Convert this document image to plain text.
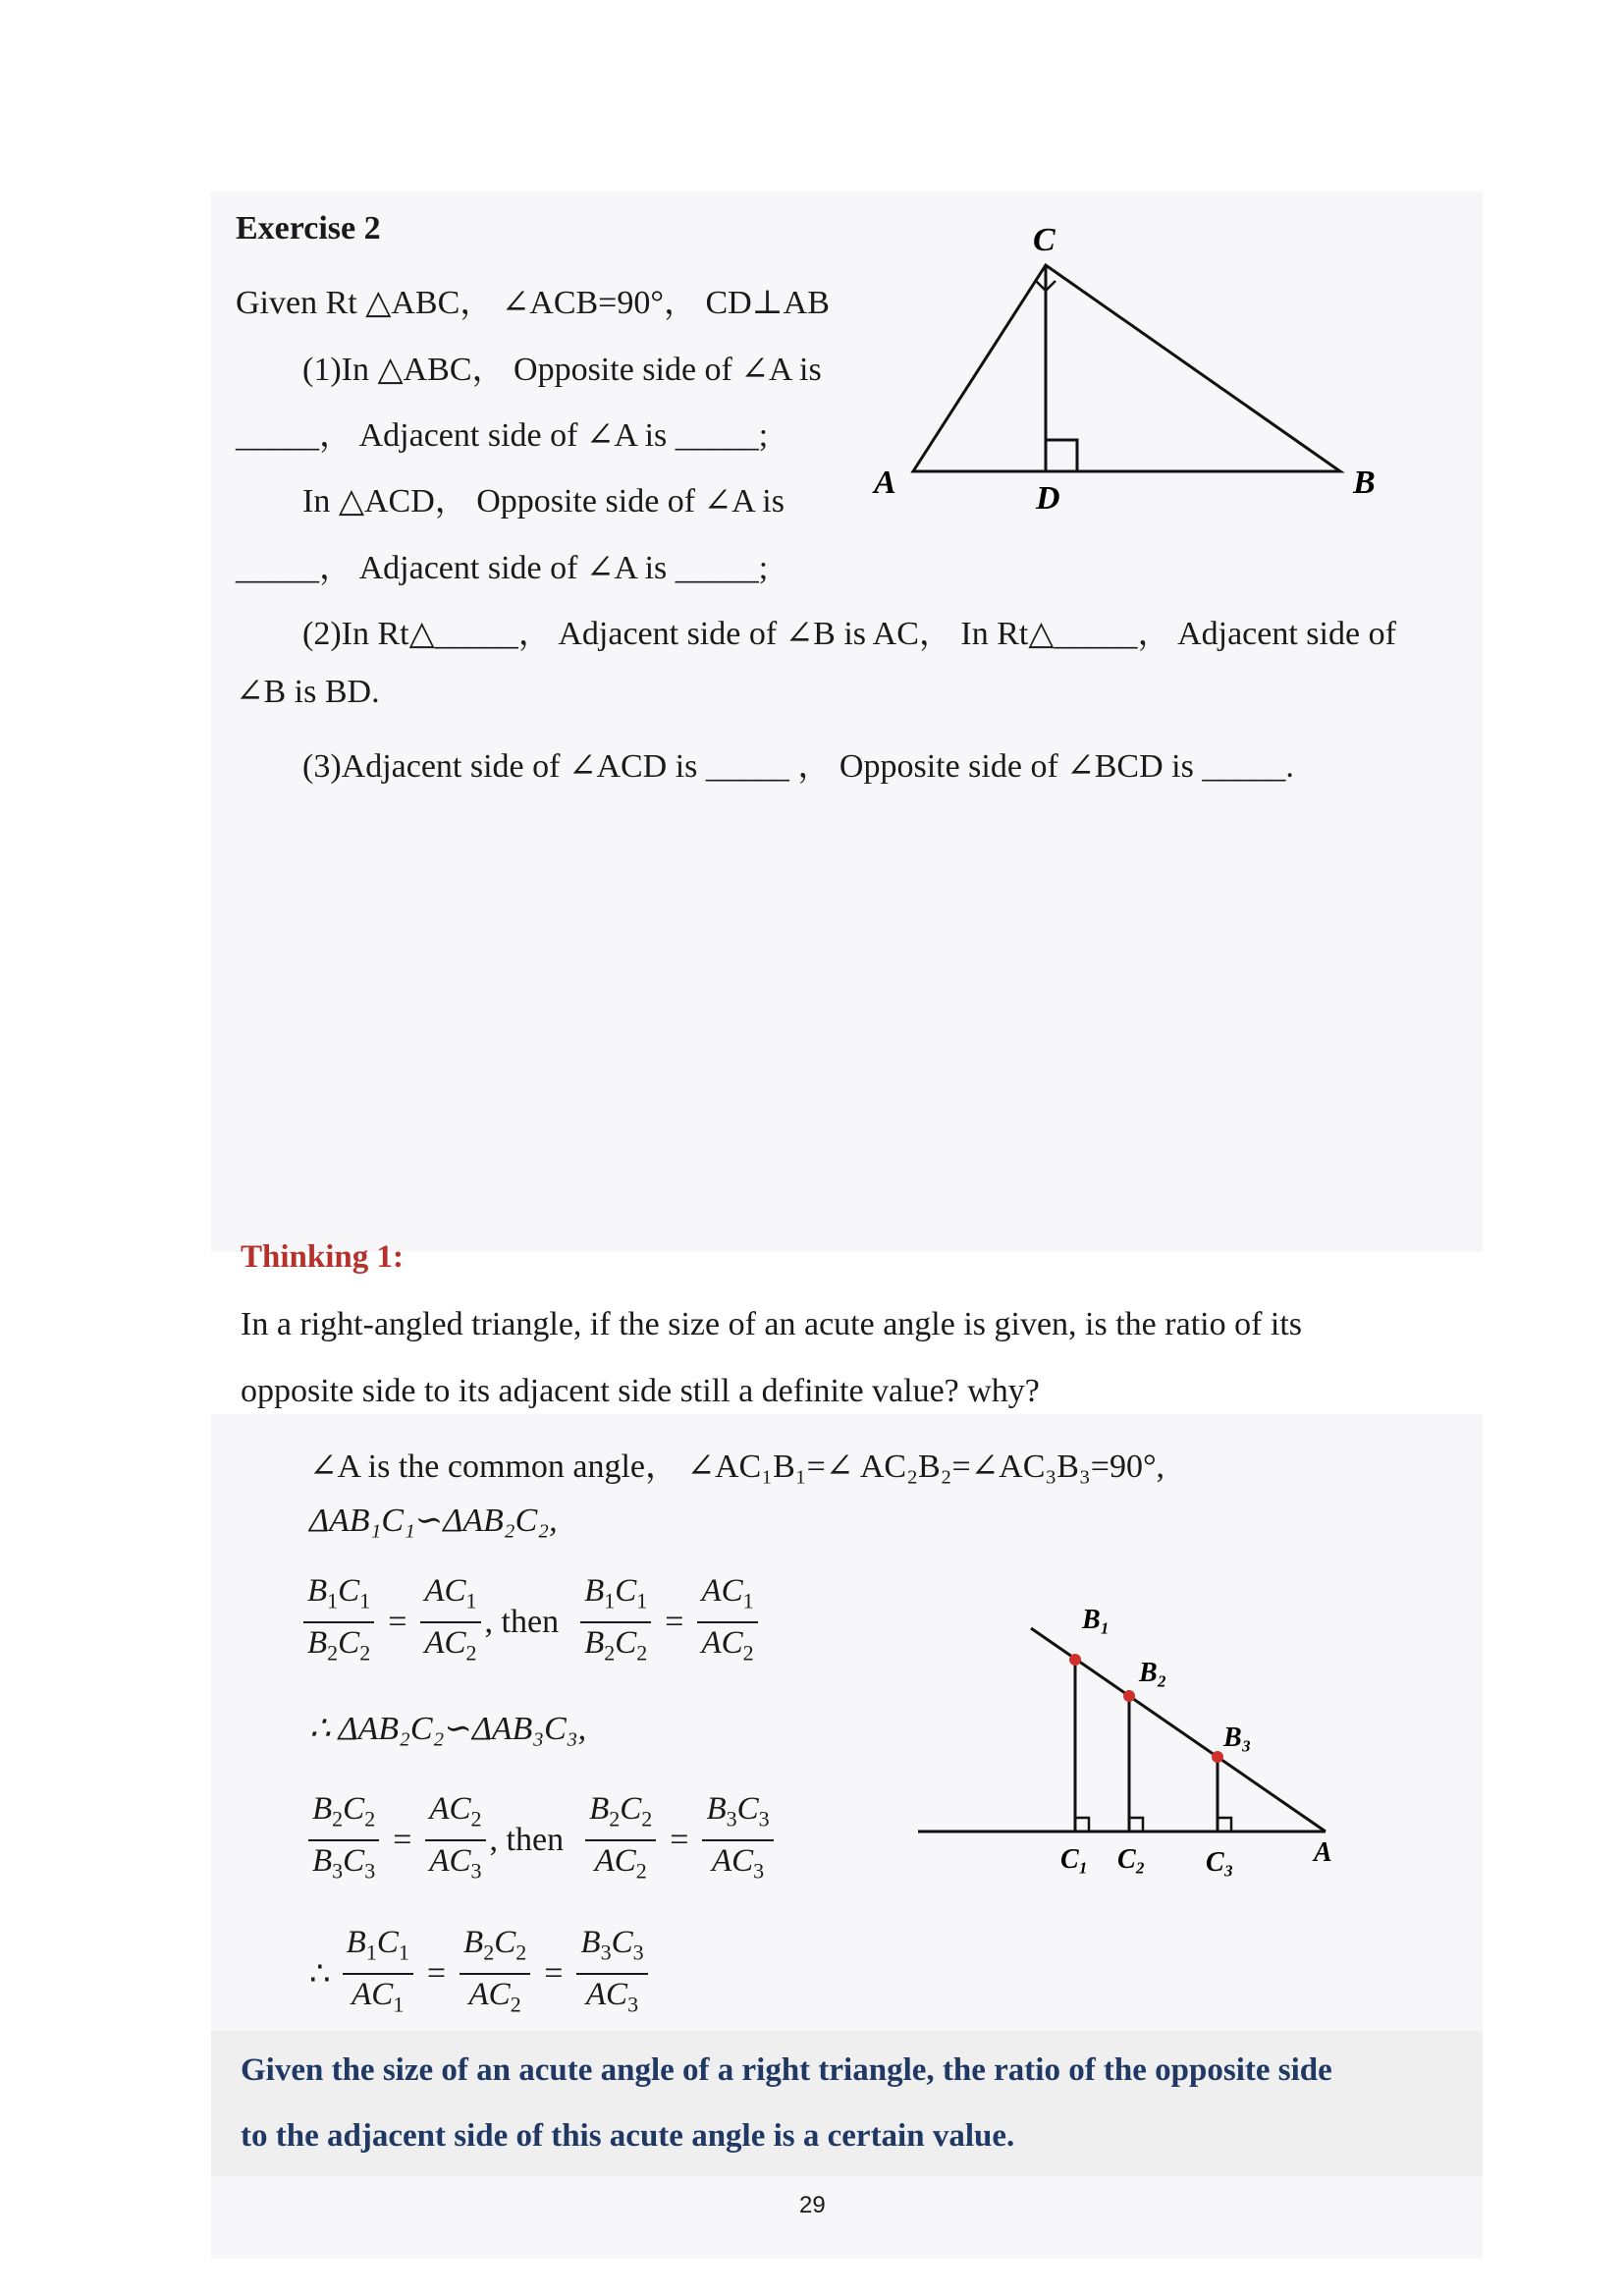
Exercise 2
Given Rt △ABC， ∠ACB=90°， CD⊥AB
(1)In △ABC， Opposite side of ∠A is
_____， Adjacent side of ∠A is _____;
In △ACD， Opposite side of ∠A is
_____， Adjacent side of ∠A is _____;
(2)In Rt△_____， Adjacent side of ∠B is AC， In Rt△_____， Adjacent side of
∠B is BD.
(3)Adjacent side of ∠ACD is _____ ， Opposite side of ∠BCD is _____.
C
A	D	B
Thinking 1:
In a right-angled triangle, if the size of an acute angle is given, is the ratio of its
opposite side to its adjacent side still a definite value? why?
∠A is the common angle， ∠AC₁B₁=∠ AC₂B₂=∠AC₃B₃=90°,
ΔAB₁C₁∽ΔAB₂C₂,
$\frac{B_1C_1}{B_2C_2} = \frac{AC_1}{AC_2}$ , then $\frac{B_1C_1}{B_2C_2} = \frac{AC_1}{AC_2}$
∴ ΔAB₂C₂∽ΔAB₃C₃,
$\frac{B_2C_2}{B_3C_3} = \frac{AC_2}{AC_3}$ , then $\frac{B_2C_2}{AC_2} = \frac{B_3C_3}{AC_3}$
∴ $\frac{B_1C_1}{AC_1} = \frac{B_2C_2}{AC_2} = \frac{B_3C_3}{AC_3}$
B₁
B₂
B₃
C₁ C₂ C₃	A
Given the size of an acute angle of a right triangle, the ratio of the opposite side
to the adjacent side of this acute angle is a certain value.
29
